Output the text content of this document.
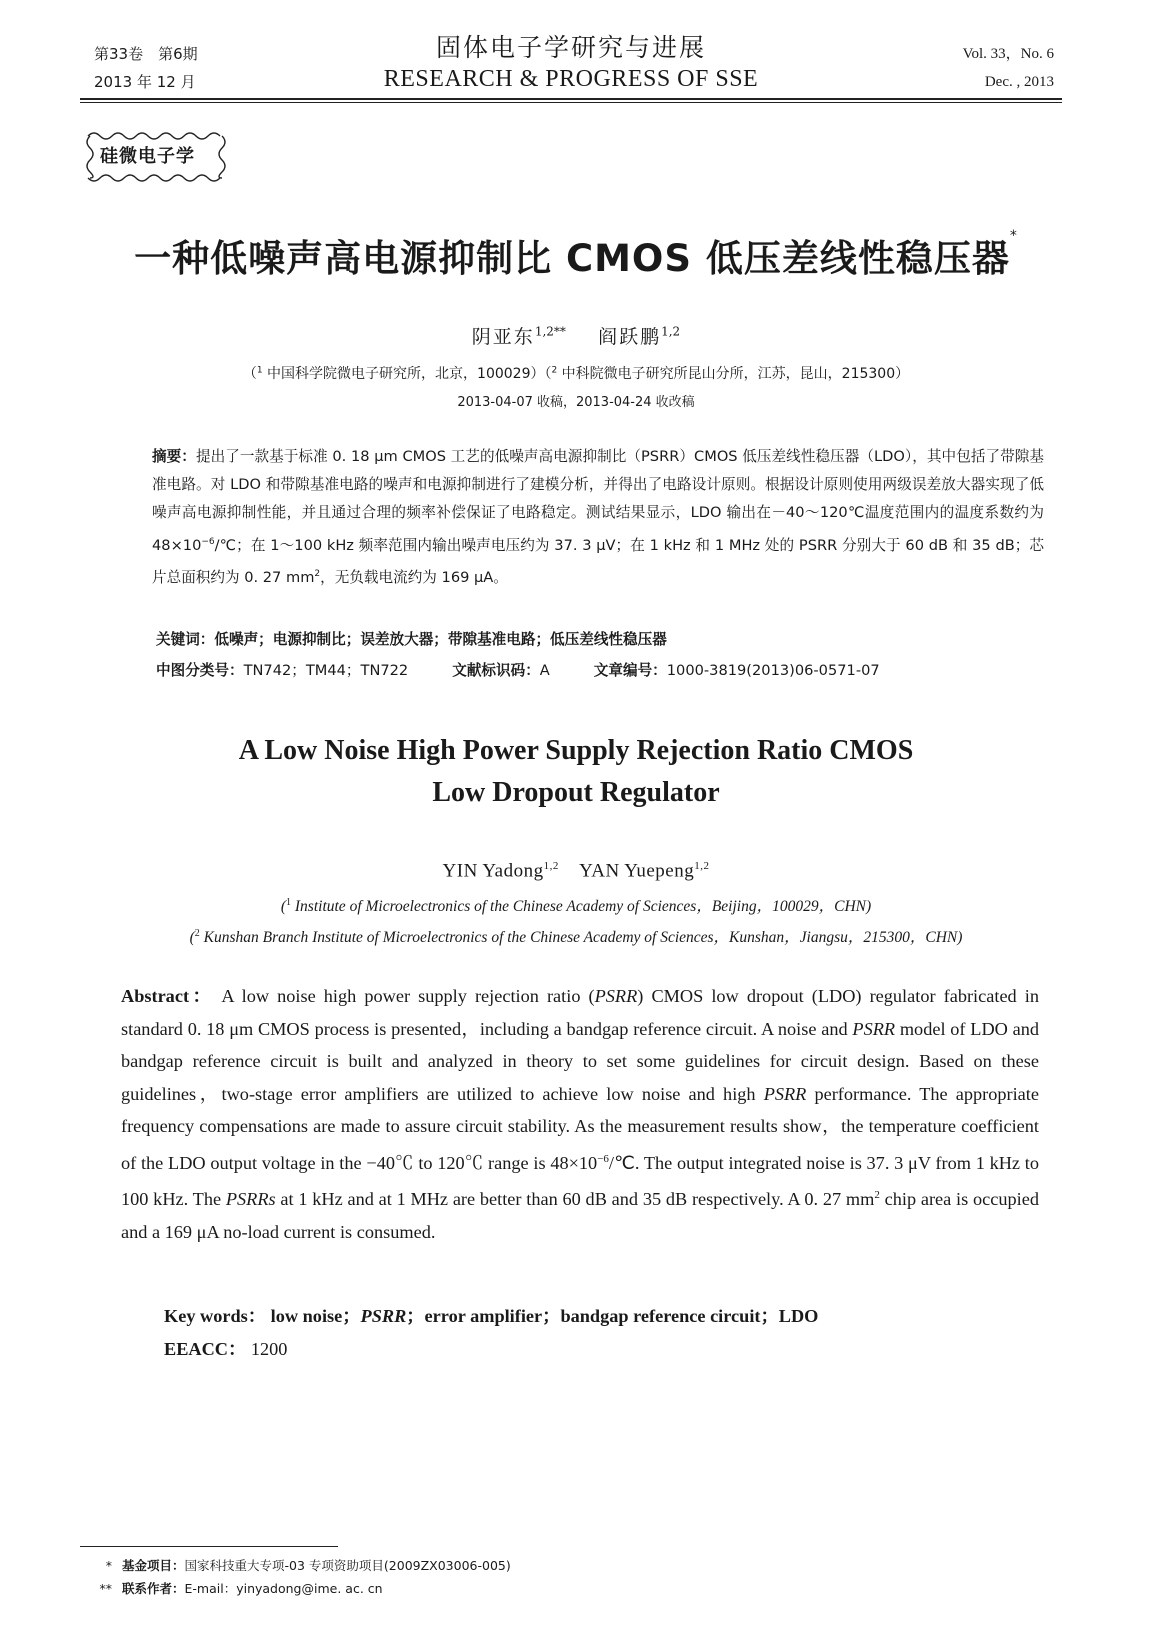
第33卷　第6期
2013 年 12 月
固体电子学研究与进展
RESEARCH & PROGRESS OF SSE
Vol. 33，No. 6
Dec. , 2013
硅微电子学
一种低噪声高电源抑制比 CMOS 低压差线性稳压器*
阴亚东$^{1,2**}$ 阎跃鹏$^{1,2}$
（$^1$ 中国科学院微电子研究所，北京，100029）（$^2$ 中科院微电子研究所昆山分所，江苏，昆山，215300）
2013-04-07 收稿，2013-04-24 收改稿
摘要：提出了一款基于标准 0. 18 μm CMOS 工艺的低噪声高电源抑制比（PSRR）CMOS 低压差线性稳压器（LDO），其中包括了带隙基准电路。对 LDO 和带隙基准电路的噪声和电源抑制进行了建模分析，并得出了电路设计原则。根据设计原则使用两级误差放大器实现了低噪声高电源抑制性能，并且通过合理的频率补偿保证了电路稳定。测试结果显示，LDO 输出在－40～120℃温度范围内的温度系数约为 $48\times 10^{-6}/℃$；在 1～100 kHz 频率范围内输出噪声电压约为 37. 3 μV；在 1 kHz 和 1 MHz 处的 PSRR 分别大于 60 dB 和 35 dB；芯片总面积约为 0. 27 $mm^2$，无负载电流约为 169 μA。
关键词：低噪声；电源抑制比；误差放大器；带隙基准电路；低压差线性稳压器
中图分类号：TN742；TM44；TN722	文献标识码：A	文章编号：1000-3819(2013)06-0571-07
A Low Noise High Power Supply Rejection Ratio CMOS
Low Dropout Regulator
YIN Yadong$^{1,2}$ YAN Yuepeng$^{1,2}$
($^1$ Institute of Microelectronics of the Chinese Academy of Sciences，Beijing，100029，CHN)
($^2$ Kunshan Branch Institute of Microelectronics of the Chinese Academy of Sciences，Kunshan，Jiangsu，215300，CHN)
Abstract： A low noise high power supply rejection ratio (PSRR) CMOS low dropout (LDO) regulator fabricated in standard 0. 18 μm CMOS process is presented，including a bandgap reference circuit. A noise and PSRR model of LDO and bandgap reference circuit is built and analyzed in theory to set some guidelines for circuit design. Based on these guidelines，two-stage error amplifiers are utilized to achieve low noise and high PSRR performance. The appropriate frequency compensations are made to assure circuit stability. As the measurement results show，the temperature coefficient of the LDO output voltage in the −40℃ to 120℃ range is $48\times 10^{-6}/℃$. The output integrated noise is 37. 3 μV from 1 kHz to 100 kHz. The PSRRs at 1 kHz and at 1 MHz are better than 60 dB and 35 dB respectively. A 0. 27 $mm^2$ chip area is occupied and a 169 μA no-load current is consumed.
Key words： low noise；PSRR；error amplifier；bandgap reference circuit；LDO
EEACC： 1200
* 基金项目：国家科技重大专项-03 专项资助项目(2009ZX03006-005)
** 联系作者：E-mail：yinyadong@ime. ac. cn
